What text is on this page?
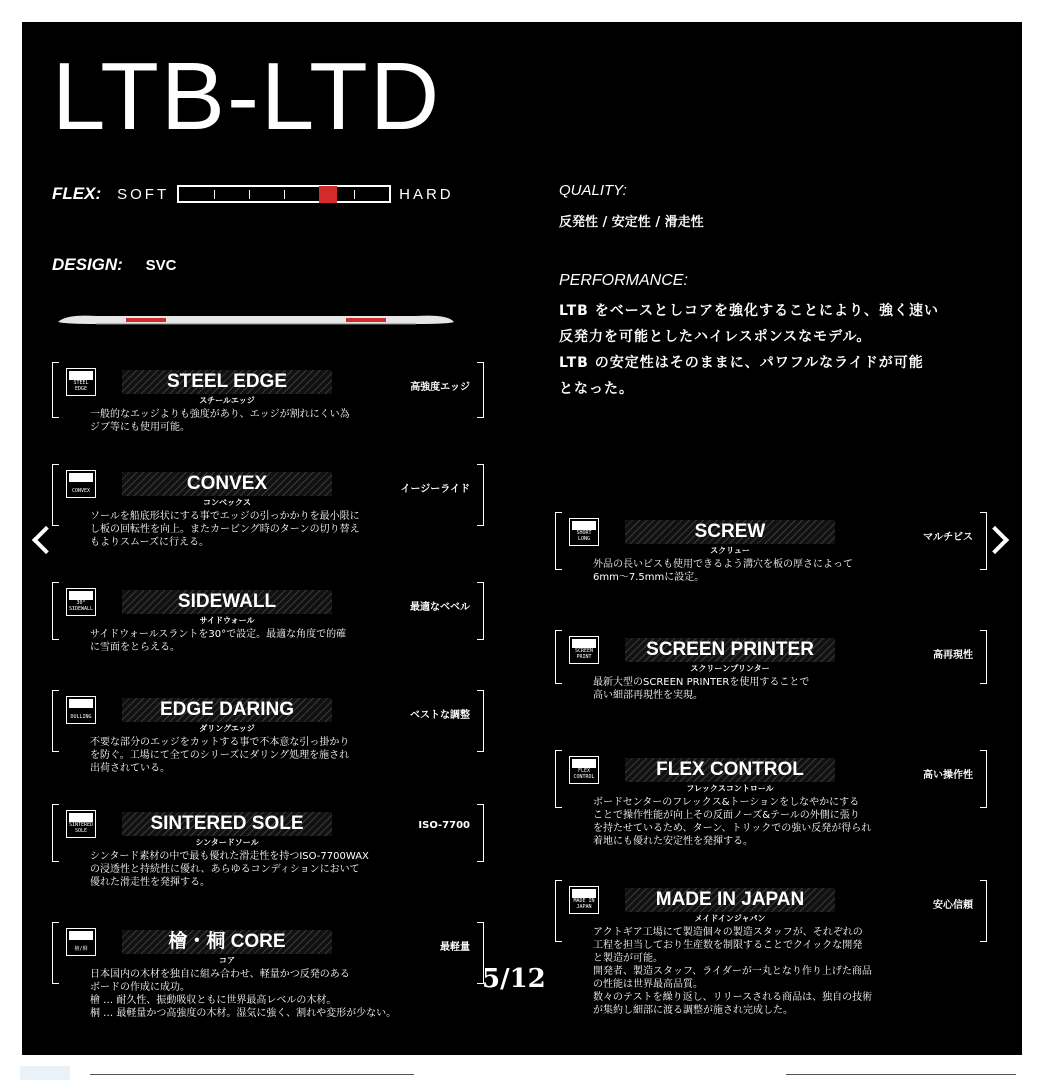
LTB-LTD
FLEX: SOFT	HARD
DESIGN: SVC
QUALITY:
反発性 / 安定性 / 滑走性
PERFORMANCE:
LTB をベースとしコアを強化することにより、強く速い
反発力を可能としたハイレスポンスなモデル。
LTB の安定性はそのままに、パワフルなライドが可能
となった。
STEEL EDGE	STEEL EDGE
スチールエッジ
高強度エッジ
一般的なエッジよりも強度があり、エッジが割れにくい為
ジブ等にも使用可能。
CONVEX	CONVEX
コンベックス
イージーライド
ソールを船底形状にする事でエッジの引っかかりを最小限に
し板の回転性を向上。またカービング時のターンの切り替え
もよりスムーズに行える。
30° SIDEWALL	SIDEWALL
サイドウォール
最適なベベル
サイドウォールスラントを30°で設定。最適な角度で的確
に雪面をとらえる。
DULLING	EDGE DARING
ダリングエッジ
ベストな調整
不要な部分のエッジをカットする事で不本意な引っ掛かり
を防ぐ。工場にて全てのシリーズにダリング処理を施され
出荷されている。
SINTERED SOLE	SINTERED SOLE
シンタードソール
ISO-7700
シンタード素材の中で最も優れた滑走性を持つISO-7700WAX
の浸透性と持続性に優れ、あらゆるコンディションにおいて
優れた滑走性を発揮する。
檜/桐	檜・桐 CORE
コア
最軽量
日本国内の木材を独自に組み合わせ、軽量かつ反発のある
ボードの作成に成功。
檜 … 耐久性、振動吸収ともに世界最高レベルの木材。
桐 … 最軽量かつ高強度の木材。湿気に強く、割れや変形が少ない。
SHORT LONG	SCREW
スクリュー
マルチビス
外品の長いビスも使用できるよう溝穴を板の厚さによって
6mm〜7.5mmに設定。
SCREEN PRINT	SCREEN PRINTER
スクリーンプリンター
高再現性
最新大型のSCREEN PRINTERを使用することで
高い細部再現性を実現。
FLEX CONTROL	FLEX CONTROL
フレックスコントロール
高い操作性
ボードセンターのフレックス&トーションをしなやかにする
ことで操作性能が向上その反面ノーズ&テールの外側に張り
を持たせているため、ターン、トリックでの強い反発が得られ
着地にも優れた安定性を発揮する。
MADE IN JAPAN	MADE IN JAPAN
メイドインジャパン
安心信頼
アクトギア工場にて製造個々の製造スタッフが、それぞれの
工程を担当しており生産数を制限することでクイックな開発
と製造が可能。
開発者、製造スタッフ、ライダーが一丸となり作り上げた商品
の性能は世界最高品質。
数々のテストを繰り返し、リリースされる商品は、独自の技術
が集約し細部に渡る調整が施され完成した。
5/12
